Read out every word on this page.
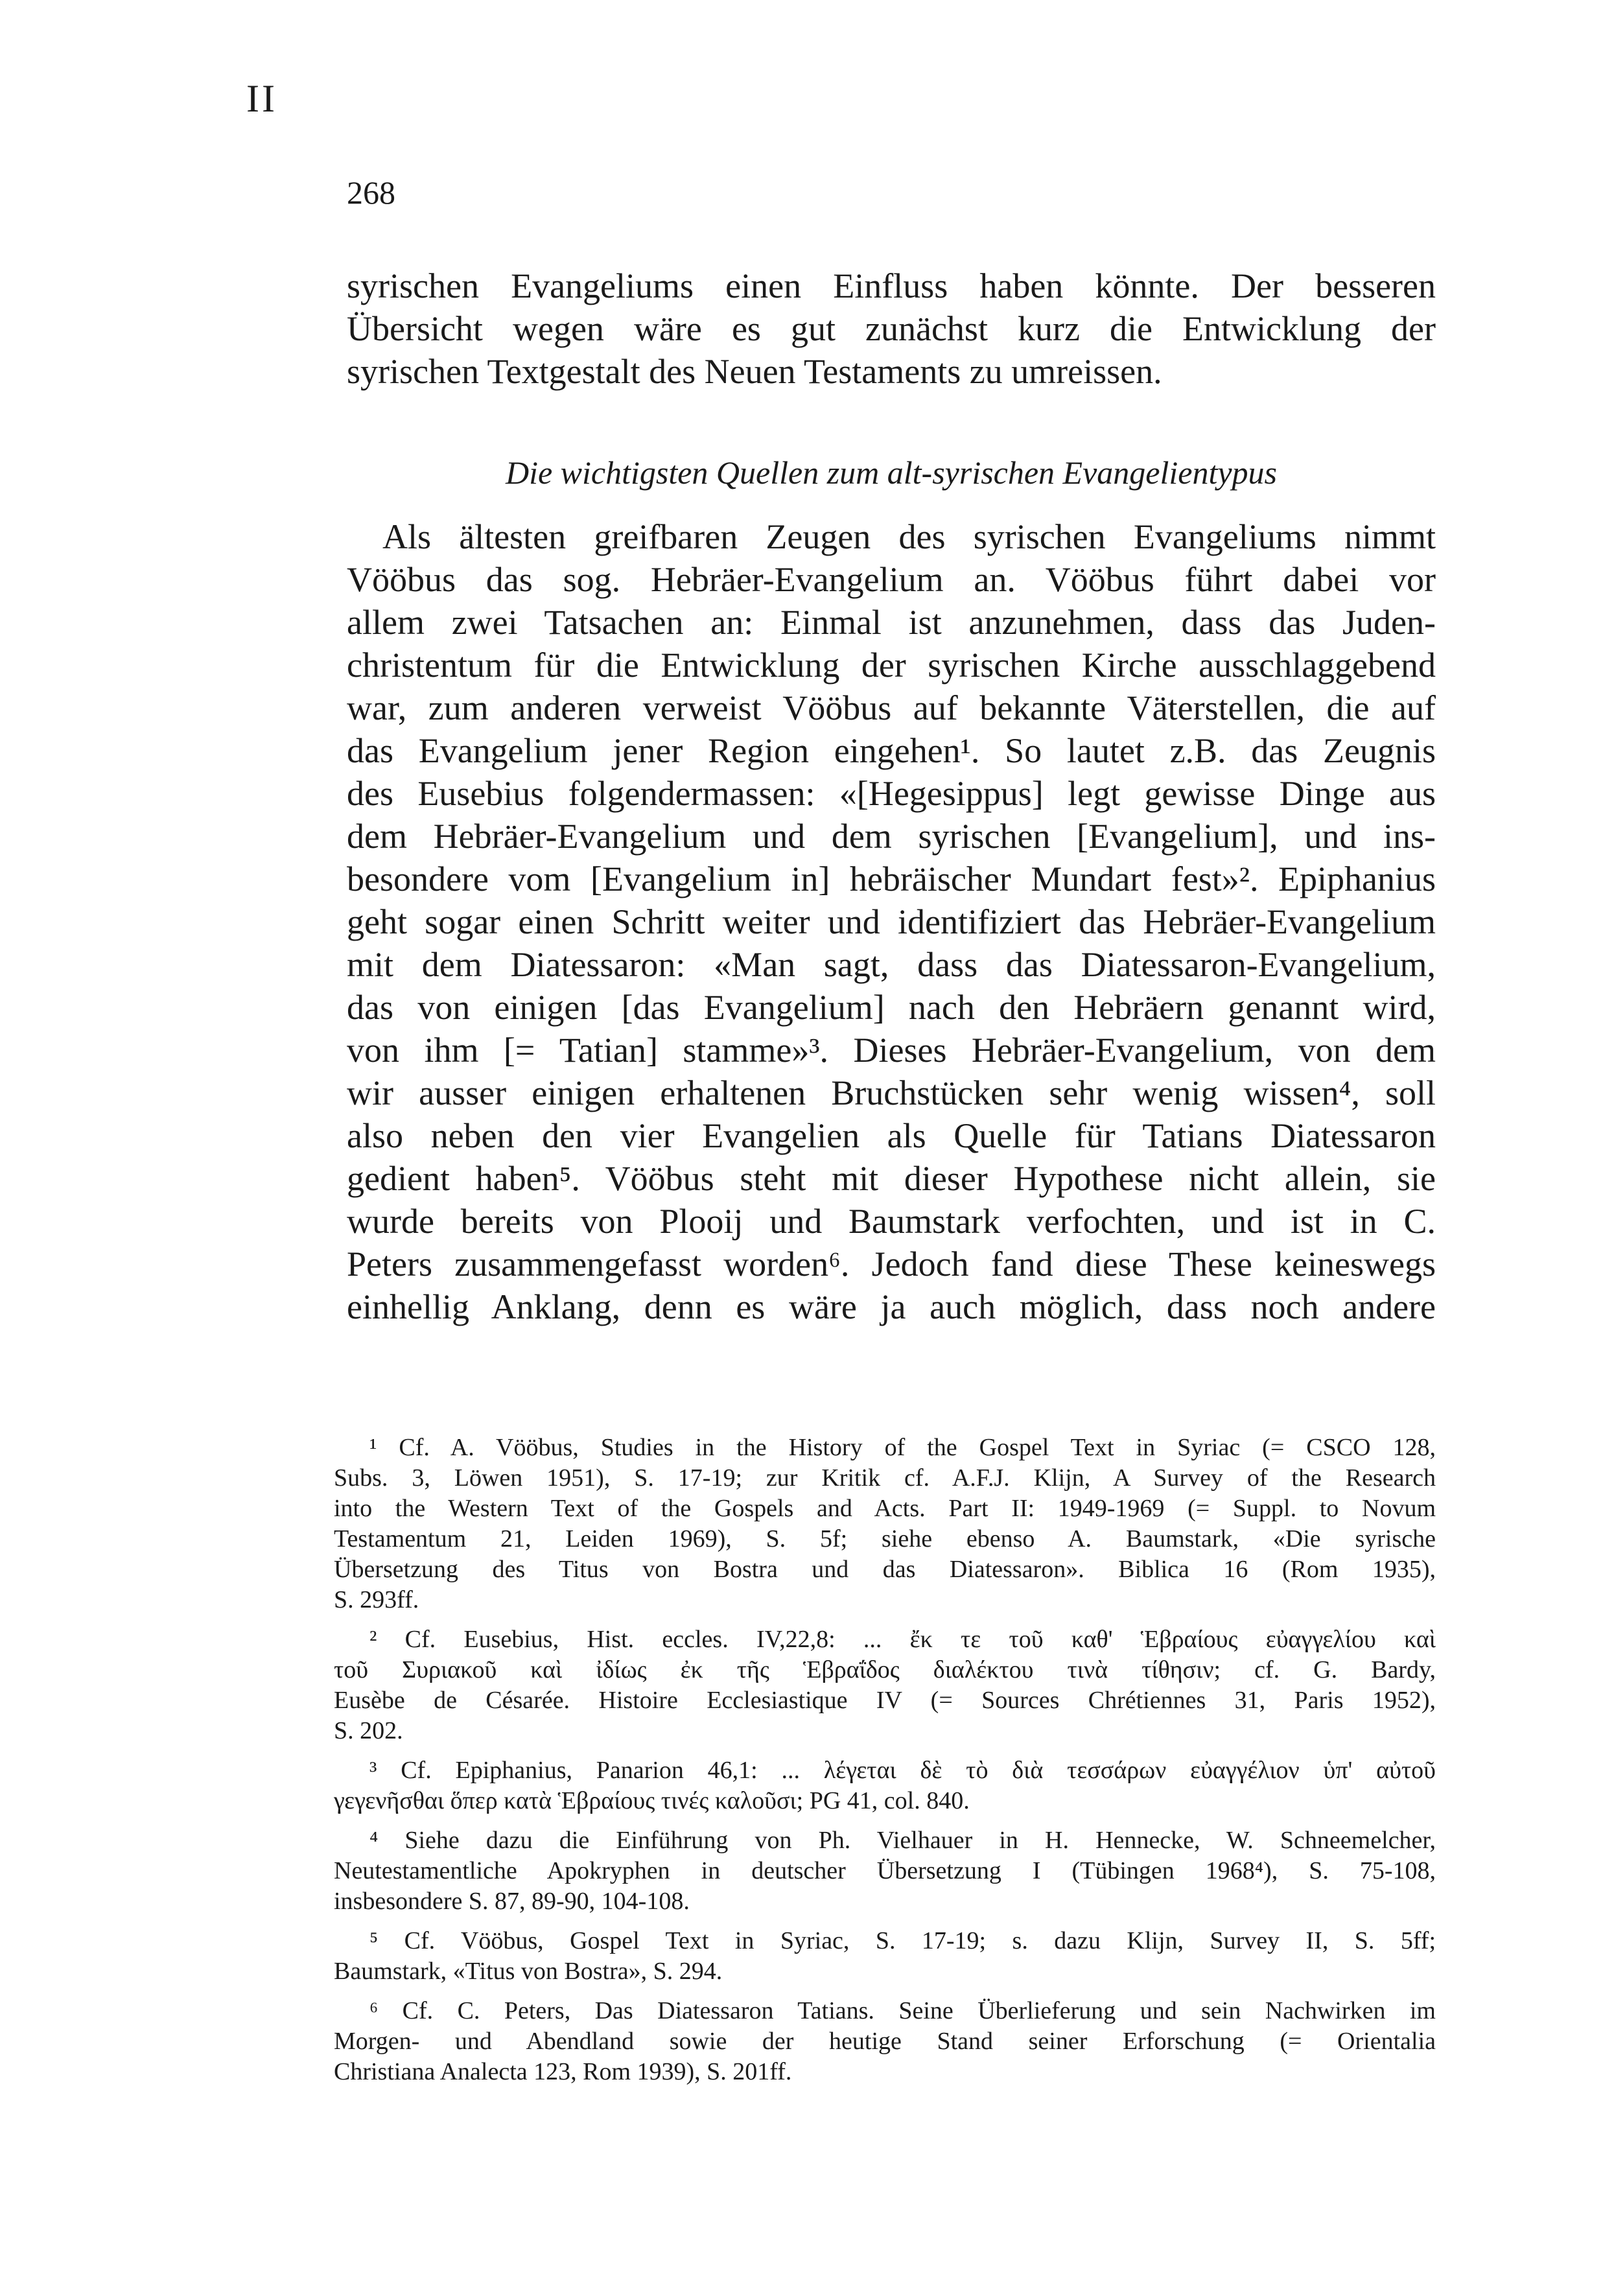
II
268
syrischen Evangeliums einen Einfluss haben könnte. Der besseren
Übersicht wegen wäre es gut zunächst kurz die Entwicklung der
syrischen Textgestalt des Neuen Testaments zu umreissen.
Die wichtigsten Quellen zum alt-syrischen Evangelientypus
Als ältesten greifbaren Zeugen des syrischen Evangeliums nimmt
Vööbus das sog. Hebräer-Evangelium an. Vööbus führt dabei vor
allem zwei Tatsachen an: Einmal ist anzunehmen, dass das Juden-
christentum für die Entwicklung der syrischen Kirche ausschlaggebend
war, zum anderen verweist Vööbus auf bekannte Väterstellen, die auf
das Evangelium jener Region eingehen¹. So lautet z.B. das Zeugnis
des Eusebius folgendermassen: «[Hegesippus] legt gewisse Dinge aus
dem Hebräer-Evangelium und dem syrischen [Evangelium], und ins-
besondere vom [Evangelium in] hebräischer Mundart fest»². Epiphanius
geht sogar einen Schritt weiter und identifiziert das Hebräer-Evangelium
mit dem Diatessaron: «Man sagt, dass das Diatessaron-Evangelium,
das von einigen [das Evangelium] nach den Hebräern genannt wird,
von ihm [= Tatian] stamme»³. Dieses Hebräer-Evangelium, von dem
wir ausser einigen erhaltenen Bruchstücken sehr wenig wissen⁴, soll
also neben den vier Evangelien als Quelle für Tatians Diatessaron
gedient haben⁵. Vööbus steht mit dieser Hypothese nicht allein, sie
wurde bereits von Plooij und Baumstark verfochten, und ist in C.
Peters zusammengefasst worden⁶. Jedoch fand diese These keineswegs
einhellig Anklang, denn es wäre ja auch möglich, dass noch andere
¹ Cf. A. Vööbus, Studies in the History of the Gospel Text in Syriac (= CSCO 128,
Subs. 3, Löwen 1951), S. 17-19; zur Kritik cf. A.F.J. Klijn, A Survey of the Research
into the Western Text of the Gospels and Acts. Part II: 1949-1969 (= Suppl. to Novum
Testamentum 21, Leiden 1969), S. 5f; siehe ebenso A. Baumstark, «Die syrische
Übersetzung des Titus von Bostra und das Diatessaron». Biblica 16 (Rom 1935),
S. 293ff.
² Cf. Eusebius, Hist. eccles. IV,22,8: ... ἔκ τε τοῦ καθ' Ἑβραίους εὐαγγελίου καὶ
τοῦ Συριακοῦ καὶ ἰδίως ἐκ τῆς Ἑβραΐδος διαλέκτου τινὰ τίθησιν; cf. G. Bardy,
Eusèbe de Césarée. Histoire Ecclesiastique IV (= Sources Chrétiennes 31, Paris 1952),
S. 202.
³ Cf. Epiphanius, Panarion 46,1: ... λέγεται δὲ τὸ διὰ τεσσάρων εὐαγγέλιον ὑπ' αὐτοῦ
γεγενῆσθαι ὅπερ κατὰ Ἑβραίους τινές καλοῦσι; PG 41, col. 840.
⁴ Siehe dazu die Einführung von Ph. Vielhauer in H. Hennecke, W. Schneemelcher,
Neutestamentliche Apokryphen in deutscher Übersetzung I (Tübingen 1968⁴), S. 75-108,
insbesondere S. 87, 89-90, 104-108.
⁵ Cf. Vööbus, Gospel Text in Syriac, S. 17-19; s. dazu Klijn, Survey II, S. 5ff;
Baumstark, «Titus von Bostra», S. 294.
⁶ Cf. C. Peters, Das Diatessaron Tatians. Seine Überlieferung und sein Nachwirken im
Morgen- und Abendland sowie der heutige Stand seiner Erforschung (= Orientalia
Christiana Analecta 123, Rom 1939), S. 201ff.
